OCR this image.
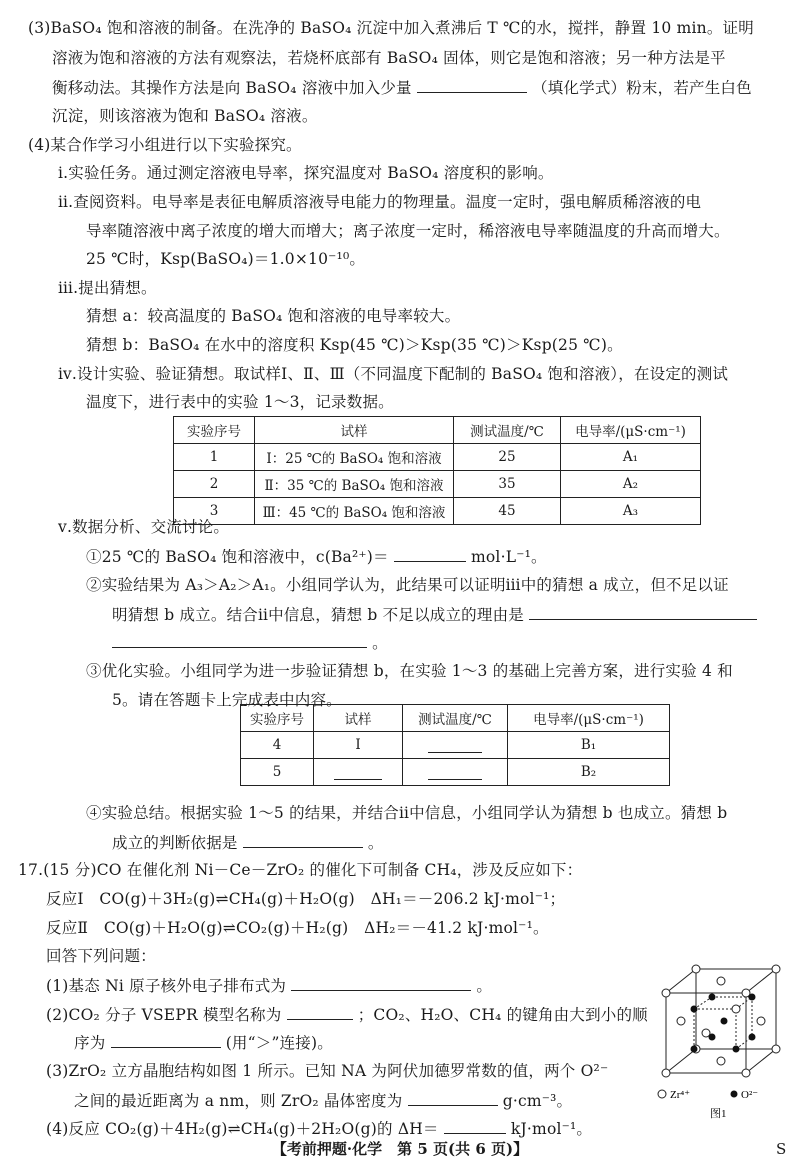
(3)BaSO₄ 饱和溶液的制备。在洗净的 BaSO₄ 沉淀中加入煮沸后 T ℃的水，搅拌，静置 10 min。证明
溶液为饱和溶液的方法有观察法，若烧杯底部有 BaSO₄ 固体，则它是饱和溶液；另一种方法是平
衡移动法。其操作方法是向 BaSO₄ 溶液中加入少量	（填化学式）粉末，若产生白色
沉淀，则该溶液为饱和 BaSO₄ 溶液。
(4)某合作学习小组进行以下实验探究。
ⅰ.实验任务。通过测定溶液电导率，探究温度对 BaSO₄ 溶度积的影响。
ⅱ.查阅资料。电导率是表征电解质溶液导电能力的物理量。温度一定时，强电解质稀溶液的电
导率随溶液中离子浓度的增大而增大；离子浓度一定时，稀溶液电导率随温度的升高而增大。
25 ℃时，Ksp(BaSO₄)＝1.0×10⁻¹⁰。
ⅲ.提出猜想。
猜想 a：较高温度的 BaSO₄ 饱和溶液的电导率较大。
猜想 b：BaSO₄ 在水中的溶度积 Ksp(45 ℃)＞Ksp(35 ℃)＞Ksp(25 ℃)。
ⅳ.设计实验、验证猜想。取试样Ⅰ、Ⅱ、Ⅲ（不同温度下配制的 BaSO₄ 饱和溶液），在设定的测试
温度下，进行表中的实验 1～3，记录数据。
实验序号	试样	测试温度/℃	电导率/(μS·cm⁻¹)
1	Ⅰ：25 ℃的 BaSO₄ 饱和溶液	25	A₁
2	Ⅱ：35 ℃的 BaSO₄ 饱和溶液	35	A₂
3	Ⅲ：45 ℃的 BaSO₄ 饱和溶液	45	A₃
ⅴ.数据分析、交流讨论。
①25 ℃的 BaSO₄ 饱和溶液中，c(Ba²⁺)＝	mol·L⁻¹。
②实验结果为 A₃＞A₂＞A₁。小组同学认为，此结果可以证明ⅲ中的猜想 a 成立，但不足以证
明猜想 b 成立。结合ⅱ中信息，猜想 b 不足以成立的理由是
。
③优化实验。小组同学为进一步验证猜想 b，在实验 1～3 的基础上完善方案，进行实验 4 和
5。请在答题卡上完成表中内容。
实验序号	试样	测试温度/℃	电导率/(μS·cm⁻¹)
4	Ⅰ		B₁
5			B₂
④实验总结。根据实验 1～5 的结果，并结合ⅱ中信息，小组同学认为猜想 b 也成立。猜想 b
成立的判断依据是	。
17.(15 分)CO 在催化剂 Ni－Ce－ZrO₂ 的催化下可制备 CH₄，涉及反应如下：
反应Ⅰ　CO(g)＋3H₂(g)⇌CH₄(g)＋H₂O(g)　ΔH₁＝－206.2 kJ·mol⁻¹；
反应Ⅱ　CO(g)＋H₂O(g)⇌CO₂(g)＋H₂(g)　ΔH₂＝－41.2 kJ·mol⁻¹。
回答下列问题：
(1)基态 Ni 原子核外电子排布式为	。
(2)CO₂ 分子 VSEPR 模型名称为	；CO₂、H₂O、CH₄ 的键角由大到小的顺
序为	(用“＞”连接)。
(3)ZrO₂ 立方晶胞结构如图 1 所示。已知 NA 为阿伏加德罗常数的值，两个 O²⁻
之间的最近距离为 a nm，则 ZrO₂ 晶体密度为	g·cm⁻³。
(4)反应 CO₂(g)＋4H₂(g)⇌CH₄(g)＋2H₂O(g)的 ΔH＝	kJ·mol⁻¹。
Zr⁴⁺	O²⁻
图1
【考前押题·化学　第 5 页(共 6 页)】	S
